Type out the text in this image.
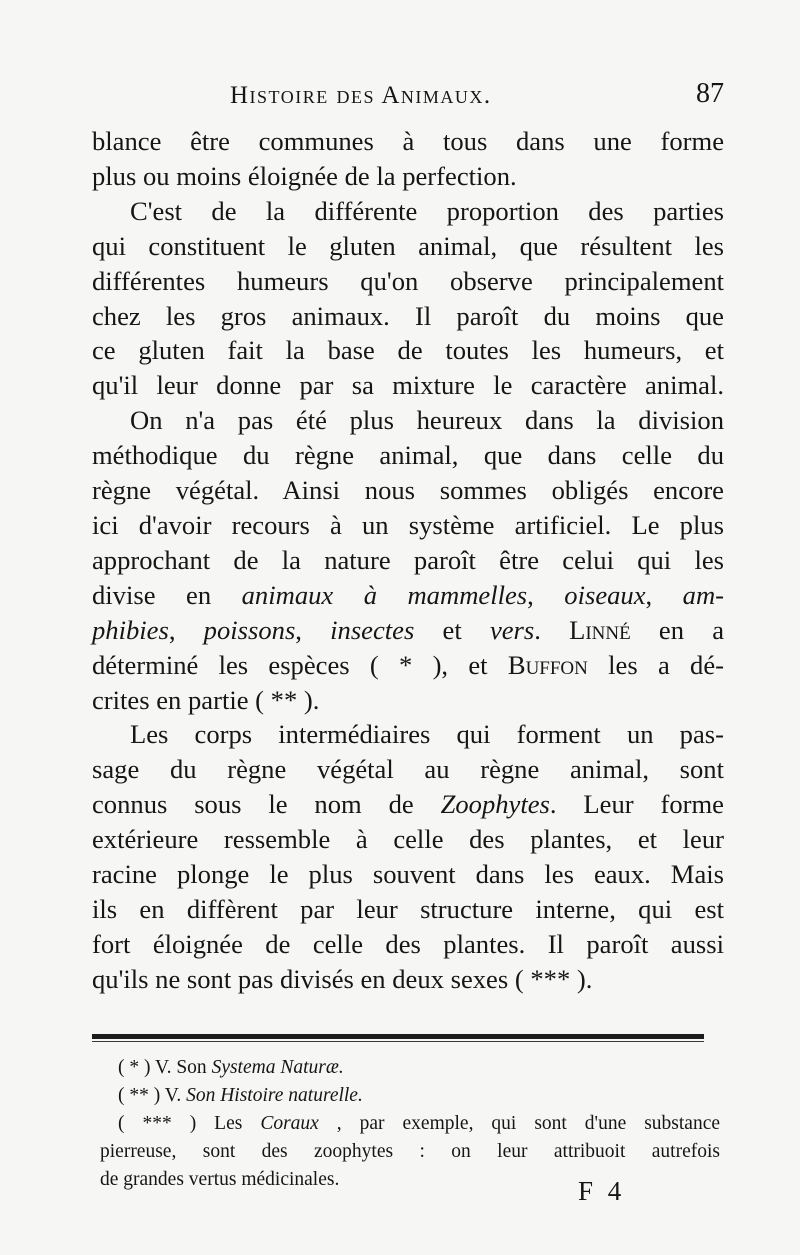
Histoire des Animaux.	87
blance être communes à tous dans une forme
plus ou moins éloignée de la perfection.
C'est de la différente proportion des parties
qui constituent le gluten animal, que résultent les
différentes humeurs qu'on observe principalement
chez les gros animaux. Il paroît du moins que
ce gluten fait la base de toutes les humeurs, et
qu'il leur donne par sa mixture le caractère animal.
On n'a pas été plus heureux dans la division
méthodique du règne animal, que dans celle du
règne végétal. Ainsi nous sommes obligés encore
ici d'avoir recours à un système artificiel. Le plus
approchant de la nature paroît être celui qui les
divise en animaux à mammelles, oiseaux, am-
phibies, poissons, insectes et vers. Linné en a
déterminé les espèces ( * ), et Buffon les a dé-
crites en partie ( ** ).
Les corps intermédiaires qui forment un pas-
sage du règne végétal au règne animal, sont
connus sous le nom de Zoophytes. Leur forme
extérieure ressemble à celle des plantes, et leur
racine plonge le plus souvent dans les eaux. Mais
ils en diffèrent par leur structure interne, qui est
fort éloignée de celle des plantes. Il paroît aussi
qu'ils ne sont pas divisés en deux sexes ( *** ).
( * ) V. Son Systema Naturæ.
( ** ) V. Son Histoire naturelle.
( *** ) Les Coraux , par exemple, qui sont d'une substance
pierreuse, sont des zoophytes : on leur attribuoit autrefois
de grandes vertus médicinales.	F 4
